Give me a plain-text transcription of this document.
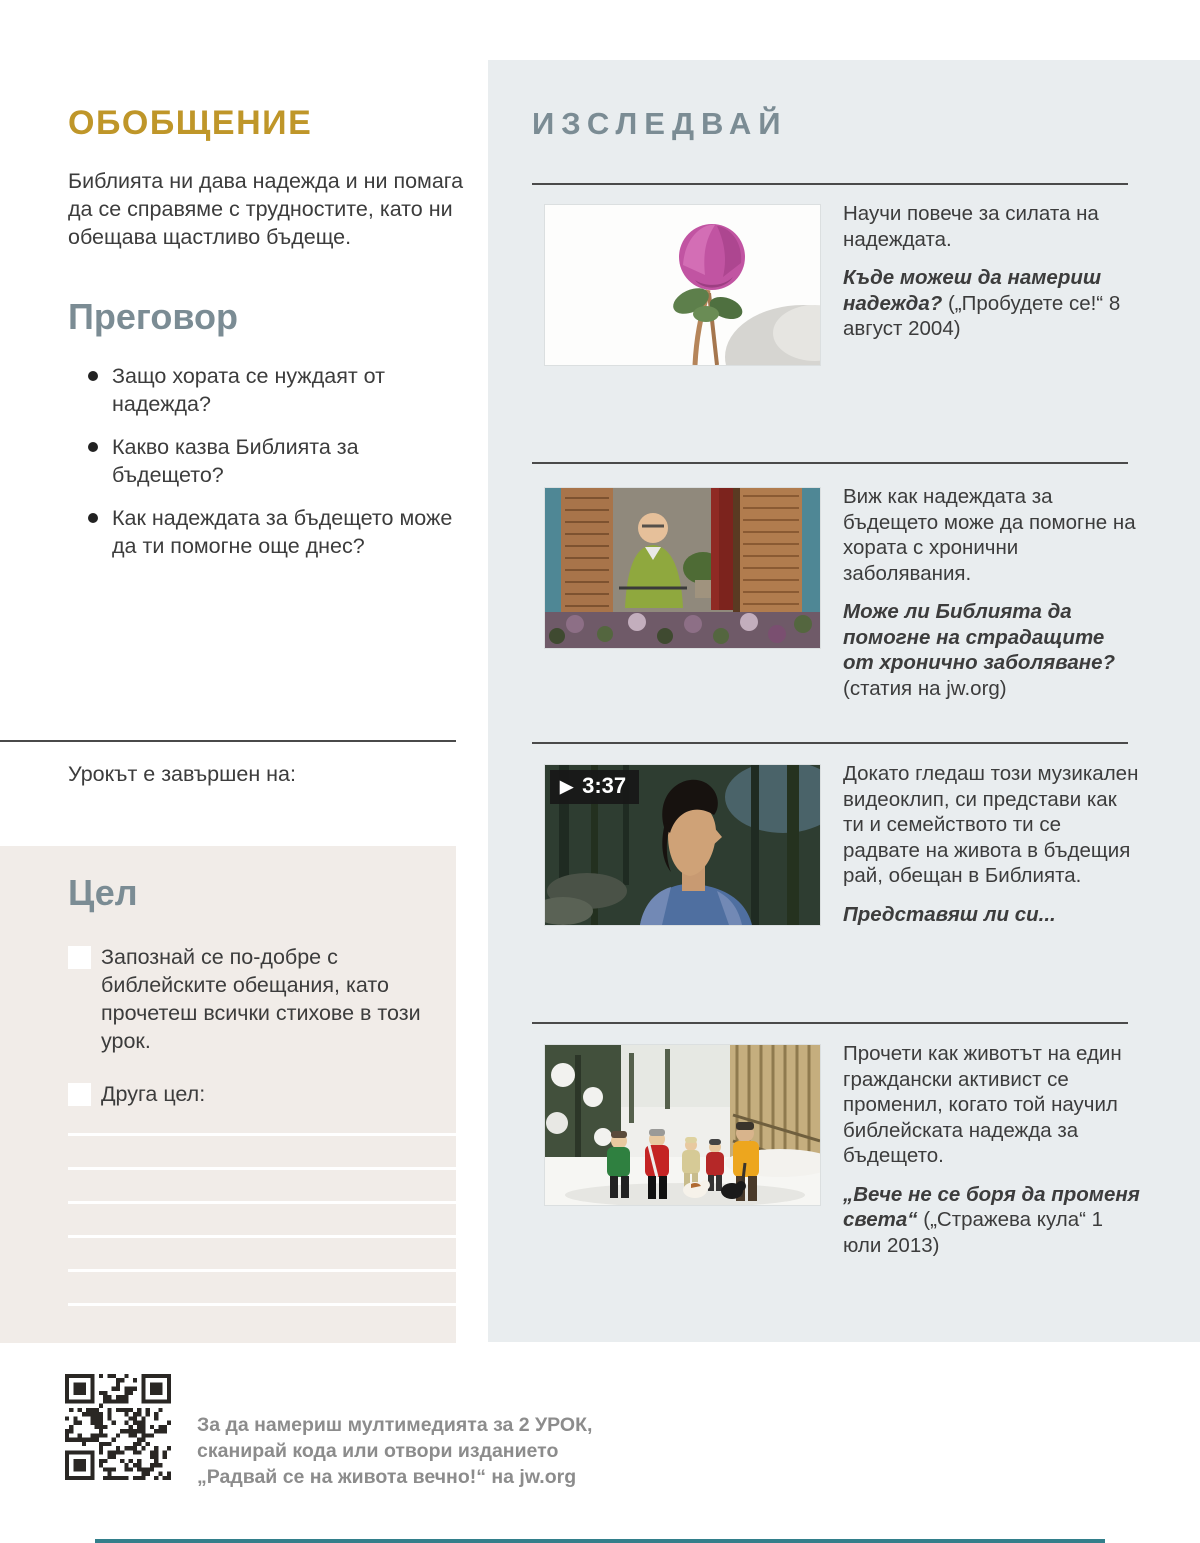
ОБОБЩЕНИЕ
Библията ни дава надежда и ни помага да се справяме с трудностите, като ни обещава щастливо бъдеще.
Преговор
Защо хората се нуждаят от надежда?
Какво казва Библията за бъдещето?
Как надеждата за бъдещето може да ти помогне още днес?
Урокът е завършен на:
Цел
Запознай се по-добре с библейските обещания, като прочетеш всички стихове в този урок.
Друга цел:
ИЗСЛЕДВАЙ

Научи повече за силата на надеждата.

Къде можеш да намериш надежда? („Пробудете се!“ 8 август 2004)

Виж как надеждата за бъдещето може да помогне на хората с хронични заболявания.

Може ли Библията да помогне на страдащите от хронично заболяване? (статия на jw.org)

▶ 3:37	Докато гледаш този музикален видеоклип, си представи как ти и семейството ти се радвате на живота в бъдещия рай, обещан в Библията.

Представяш ли си...

Прочети как животът на един граждански активист се променил, когато той научил библейската надежда за бъдещето.

„Вече не се боря да променя света“ („Стражева кула“ 1 юли 2013)

За да намериш мултимедията за 2 УРОК, сканирай кода или отвори изданието „Радвай се на живота вечно!“ на jw.org
